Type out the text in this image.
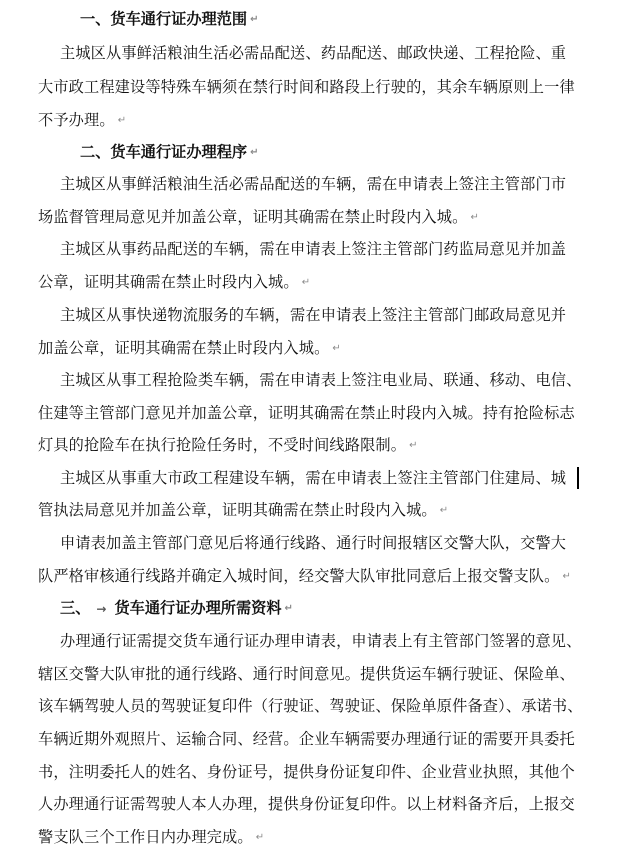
一、货车通行证办理范围 ↵
主城区从事鲜活粮油生活必需品配送、药品配送、邮政快递、工程抢险、重
大市政工程建设等特殊车辆须在禁行时间和路段上行驶的，其余车辆原则上一律
不予办理。 ↵
二、货车通行证办理程序 ↵
主城区从事鲜活粮油生活必需品配送的车辆，需在申请表上签注主管部门市
场监督管理局意见并加盖公章，证明其确需在禁止时段内入城。 ↵
主城区从事药品配送的车辆，需在申请表上签注主管部门药监局意见并加盖
公章，证明其确需在禁止时段内入城。 ↵
主城区从事快递物流服务的车辆，需在申请表上签注主管部门邮政局意见并
加盖公章，证明其确需在禁止时段内入城。 ↵
主城区从事工程抢险类车辆，需在申请表上签注电业局、联通、移动、电信、
住建等主管部门意见并加盖公章，证明其确需在禁止时段内入城。持有抢险标志
灯具的抢险车在执行抢险任务时，不受时间线路限制。 ↵
主城区从事重大市政工程建设车辆，需在申请表上签注主管部门住建局、城
管执法局意见并加盖公章，证明其确需在禁止时段内入城。 ↵
申请表加盖主管部门意见后将通行线路、通行时间报辖区交警大队，交警大
队严格审核通行线路并确定入城时间，经交警大队审批同意后上报交警支队。 ↵
三、 → 货车通行证办理所需资料 ↵
办理通行证需提交货车通行证办理申请表，申请表上有主管部门签署的意见、
辖区交警大队审批的通行线路、通行时间意见。提供货运车辆行驶证、保险单、
该车辆驾驶人员的驾驶证复印件（行驶证、驾驶证、保险单原件备查）、承诺书、
车辆近期外观照片、运输合同、经营。企业车辆需要办理通行证的需要开具委托
书，注明委托人的姓名、身份证号，提供身份证复印件、企业营业执照，其他个
人办理通行证需驾驶人本人办理，提供身份证复印件。以上材料备齐后，上报交
警支队三个工作日内办理完成。 ↵
